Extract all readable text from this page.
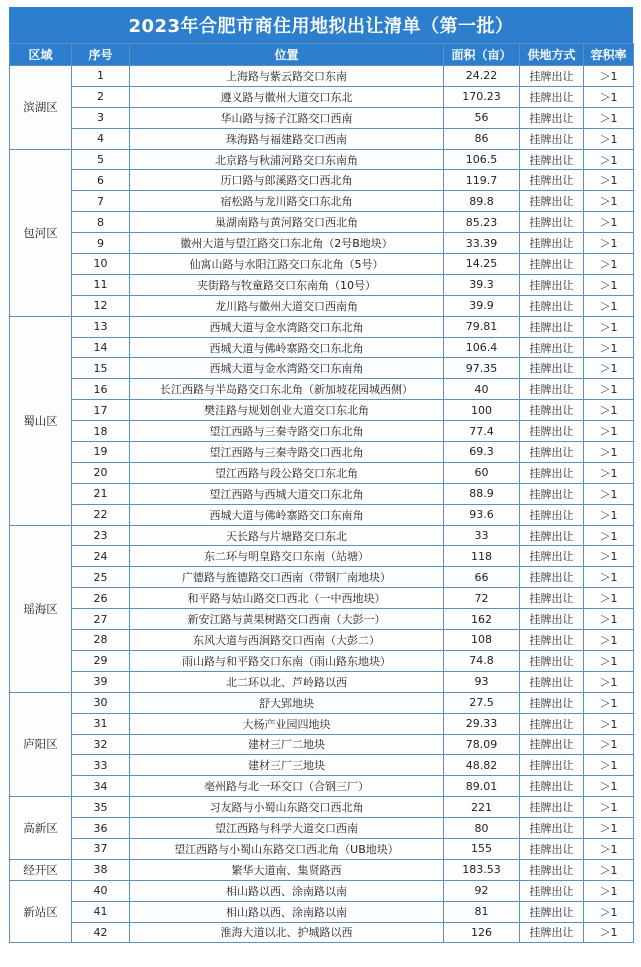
2023年合肥市商住用地拟出让清单（第一批）
区域	序号	位置	面积（亩）	供地方式	容积率
滨湖区	1	上海路与紫云路交口东南	24.22	挂牌出让	＞1
	2	遵义路与徽州大道交口东北	170.23	挂牌出让	＞1
	3	华山路与扬子江路交口西南	56	挂牌出让	＞1
	4	珠海路与福建路交口西南	86	挂牌出让	＞1
包河区	5	北京路与秋浦河路交口东南角	106.5	挂牌出让	＞1
	6	历口路与郎溪路交口西北角	119.7	挂牌出让	＞1
	7	宿松路与龙川路交口东北角	89.8	挂牌出让	＞1
	8	巢湖南路与黄河路交口西北角	85.23	挂牌出让	＞1
	9	徽州大道与望江路交口东北角（2号B地块）	33.39	挂牌出让	＞1
	10	仙寓山路与水阳江路交口东北角（5号）	14.25	挂牌出让	＞1
	11	夹街路与牧童路交口东南角（10号）	39.3	挂牌出让	＞1
	12	龙川路与徽州大道交口西南角	39.9	挂牌出让	＞1
蜀山区	13	西城大道与金水湾路交口东北角	79.81	挂牌出让	＞1
	14	西城大道与佛岭寨路交口东北角	106.4	挂牌出让	＞1
	15	西城大道与金水湾路交口东南角	97.35	挂牌出让	＞1
	16	长江西路与半岛路交口东北角（新加坡花园城西侧）	40	挂牌出让	＞1
	17	樊洼路与规划创业大道交口东北角	100	挂牌出让	＞1
	18	望江西路与三秦寺路交口东北角	77.4	挂牌出让	＞1
	19	望江西路与三秦寺路交口西北角	69.3	挂牌出让	＞1
	20	望江西路与段公路交口东北角	60	挂牌出让	＞1
	21	望江西路与西城大道交口东北角	88.9	挂牌出让	＞1
	22	西城大道与佛岭寨路交口东南角	93.6	挂牌出让	＞1
瑶海区	23	天长路与片塘路交口东北	33	挂牌出让	＞1
	24	东二环与明皇路交口东南（站塘）	118	挂牌出让	＞1
	25	广德路与旌德路交口西南（带钢厂南地块）	66	挂牌出让	＞1
	26	和平路与姑山路交口西北（一中西地块）	72	挂牌出让	＞1
	27	新安江路与黄果树路交口西南（大彭一）	162	挂牌出让	＞1
	28	东风大道与西涧路交口西南（大彭二）	108	挂牌出让	＞1
	29	雨山路与和平路交口东南（雨山路东地块）	74.8	挂牌出让	＞1
	39	北二环以北、芦岭路以西	93	挂牌出让	＞1
庐阳区	30	舒大郢地块	27.5	挂牌出让	＞1
	31	大杨产业园四地块	29.33	挂牌出让	＞1
	32	建材三厂二地块	78.09	挂牌出让	＞1
	33	建材三厂三地块	48.82	挂牌出让	＞1
	34	亳州路与北一环交口（合钢三厂）	89.01	挂牌出让	＞1
高新区	35	习友路与小蜀山东路交口西北角	221	挂牌出让	＞1
	36	望江西路与科学大道交口西南	80	挂牌出让	＞1
	37	望江西路与小蜀山东路交口西北角（UB地块）	155	挂牌出让	＞1
经开区	38	繁华大道南、集贤路西	183.53	挂牌出让	＞1
新站区	40	相山路以西、涂南路以南	92	挂牌出让	＞1
	41	相山路以西、涂南路以南	81	挂牌出让	＞1
	42	淮海大道以北、护城路以西	126	挂牌出让	＞1
